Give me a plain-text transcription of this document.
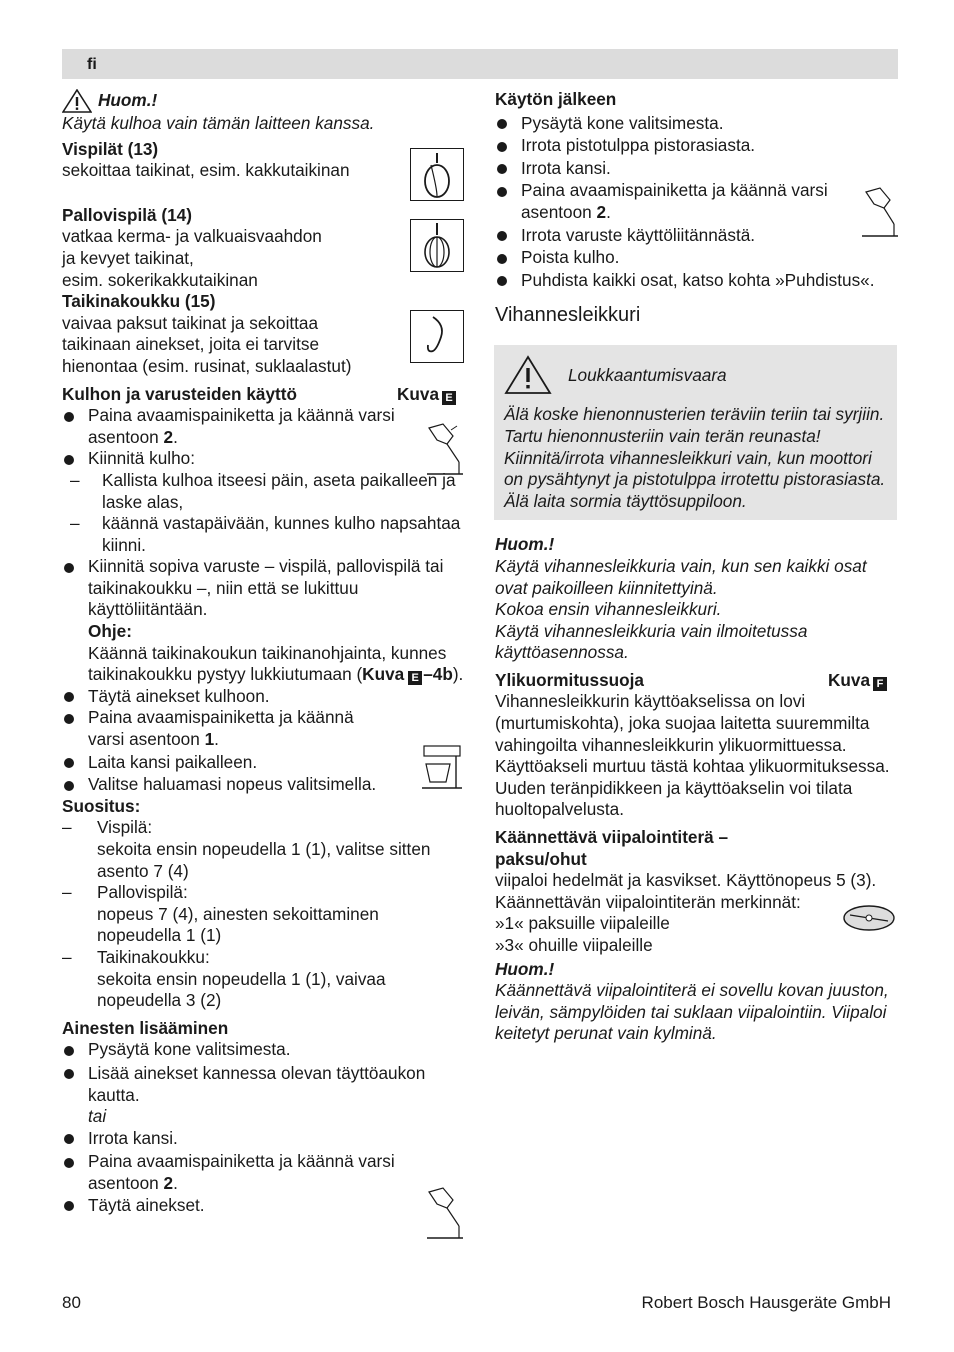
fi
Huom.!

Käytä kulhoa vain tämän laitteen kanssa.

Vispilät (13)

sekoittaa taikinat, esim. kakkutaikinan

Pallovispilä (14)

vatkaa kerma- ja valkuaisvaahdon

ja kevyet taikinat,

esim. sokerikakkutaikinan

Taikinakoukku (15)

vaivaa paksut taikinat ja sekoittaa

taikinaan ainekset, joita ei tarvitse

hienontaa (esim. rusinat, suklaalastut)

Kulhon ja varusteiden käyttö	Kuva E
Paina avaamispainiketta ja käännä varsi asentoon 2.
Kiinnitä kulho:
– Kallista kulhoa itseesi päin, aseta paikalleen ja laske alas,
– käännä vastapäivään, kunnes kulho napsahtaa kiinni.
Kiinnitä sopiva varuste – vispilä, pallovispilä tai taikinakoukku –, niin että se lukittuu käyttöliitäntään.

Ohje:

Käännä taikinakoukun taikinanohjainta, kunnes taikinakoukku pystyy lukkiutumaan (Kuva E –4b).

Täytä ainekset kulhoon.
Paina avaamispainiketta ja käännä varsi asentoon 1.
Laita kansi paikalleen.
Valitse haluamasi nopeus valitsimella.

Suositus:

– Vispilä:
sekoita ensin nopeudella 1 (1), valitse sitten asento 7 (4)
– Pallovispilä:
nopeus 7 (4), ainesten sekoittaminen nopeudella 1 (1)
– Taikinakoukku:
sekoita ensin nopeudella 1 (1), vaivaa nopeudella 3 (2)

Ainesten lisääminen

Pysäytä kone valitsimesta.
Lisää ainekset kannessa olevan täyttöaukon kautta.

tai

Irrota kansi.
Paina avaamispainiketta ja käännä varsi asentoon 2.
Täytä ainekset.

Käytön jälkeen

Pysäytä kone valitsimesta.
Irrota pistotulppa pistorasiasta.
Irrota kansi.
Paina avaamispainiketta ja käännä varsi asentoon 2.
Irrota varuste käyttöliitännästä.
Poista kulho.
Puhdista kaikki osat, katso kohta »Puhdistus«.

Vihannesleikkuri

Loukkaantumisvaara

Älä koske hienonnusterien teräviin teriin tai syrjiin. Tartu hienonnusteriin vain terän reunasta!

Kiinnitä/irrota vihannesleikkuri vain, kun moottori on pysähtynyt ja pistotulppa irrotettu pistorasiasta.

Älä laita sormia täyttösuppiloon.

Huom.!

Käytä vihannesleikkuria vain, kun sen kaikki osat ovat paikoilleen kiinnitettyinä.

Kokoa ensin vihannesleikkuri.

Käytä vihannesleikkuria vain ilmoitetussa käyttöasennossa.

Ylikuormitussuoja	Kuva F

Vihannesleikkurin käyttöakselissa on lovi (murtumiskohta), joka suojaa laitetta suuremmilta vahingoilta vihannesleikkurin ylikuormittuessa. Käyttöakseli murtuu tästä kohtaa ylikuormituksessa.

Uuden teränpidikkeen ja käyttöakselin voi tilata huoltopalvelusta.

Käännettävä viipalointiterä – paksu/ohut

viipaloi hedelmät ja kasvikset. Käyttönopeus 5 (3).

Käännettävän viipalointiterän merkinnät:

»1« paksuille viipaleille

»3« ohuille viipaleille

Huom.!

Käännettävä viipalointiterä ei sovellu kovan juuston, leivän, sämpylöiden tai suklaan viipalointiin. Viipaloi keitetyt perunat vain kylminä.

80	Robert Bosch Hausgeräte GmbH
